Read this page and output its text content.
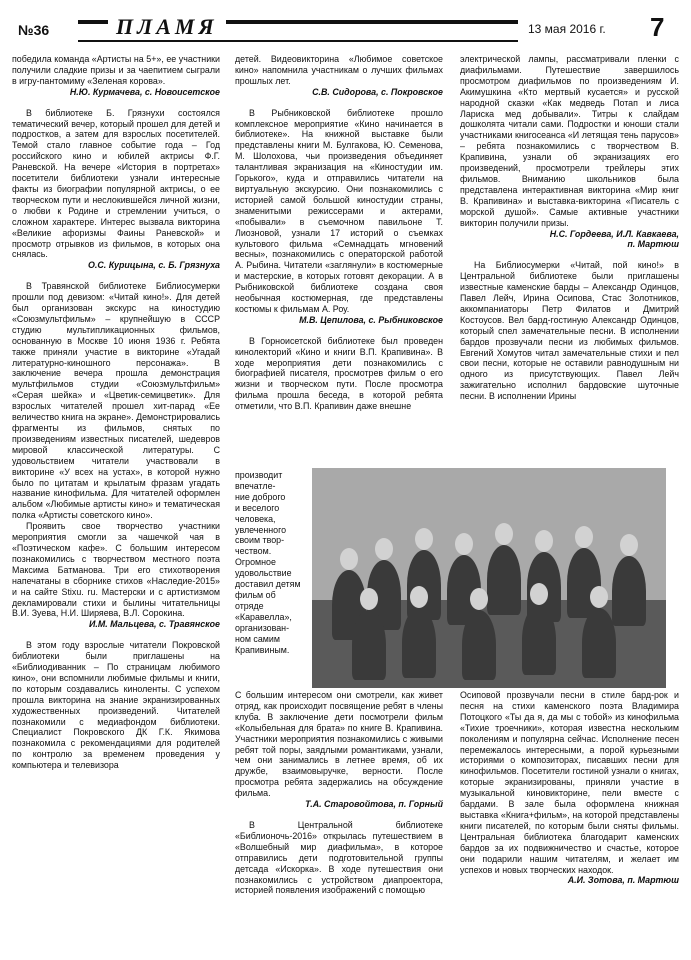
№36	ПЛАМЯ	13 мая 2016 г. 7

победила команда «Артисты на 5+», ее участники получили сладкие призы и за чаепитием сыграли в игру-пантомиму «Зеленая корова».

Н.Ю. Курмачева, с. Новоисетское

В библиотеке Б. Грязнухи состоялся тематический вечер, который прошел для детей и подростков, а затем для взрослых посетителей. Темой стало главное событие года – Год российского кино и юбилей актрисы Ф.Г. Раневской. На вечере «История в портретах» посетители библиотеки узнали интересные факты из биографии популярной актрисы, о ее творческом пути и неслокившейся личной жизни, о любви к Родине и стремлении учиться, о сложном характере. Интерес вызвала викторина «Великие афоризмы Фаины Раневской» и просмотр отрывков из фильмов, в которых она снялась.

О.С. Курицына, с. Б. Грязнуха

В Травянской библиотеке Библиосумерки прошли под девизом: «Читай кино!». Для детей был организован экскурс на киностудию «Союзмультфильм» – крупнейшую в СССР студию мультипликационных фильмов, основанную в Москве 10 июня 1936 г. Ребята также приняли участие в викторине «Угадай литературно-киношного персонажа». В заключение вечера прошла демонстрация мультфильмов студии «Союзмультфильм» «Серая шейка» и «Цветик-семицветик». Для взрослых читателей прошел хит-парад «Ее величество книга на экране». Демонстрировались фрагменты из фильмов, снятых по произведениям известных писателей, шедевров мировой классической литературы. С удовольствием читатели участвовали в викторине «У всех на устах», в которой нужно было по цитатам и крылатым фразам угадать название кинофильма. Для читателей оформлен альбом «Любимые артисты кино» и тематическая полка «Артисты советского кино».

Проявить свое творчество участники мероприятия смогли за чашечкой чая в «Поэтическом кафе». С большим интересом познакомились с творчеством местного поэта Максима Батманова. Три его стихотворения напечатаны в сборнике стихов «Наследие-2015» и на сайте Stixu. ru. Мастерски и с артистизмом декламировали стихи и былины читательницы В.И. Зуева, Н.И. Ширяева, В.Л. Сорокина.

И.М. Мальцева, с. Травянское

В этом году взрослые читатели Покровской библиотеки были приглашены на «Библиодиванник – По страницам любимого кино», они вспомнили любимые фильмы и книги, по которым создавались киноленты. С успехом прошла викторина на знание экранизированных художественных произведений. Читателей познакомили с медиафондом библиотеки. Специалист Покровского ДК Г.К. Якимова познакомила с рекомендациями для родителей по контролю за временем проведения у компьютера и телевизора

детей. Видеовикторина «Любимое советское кино» напомнила участникам о лучших фильмах прошлых лет.

С.В. Сидорова, с. Покровское

В Рыбниковской библиотеке прошло комплексное мероприятие «Кино начинается в библиотеке». На книжной выставке были представлены книги М. Булгакова, Ю. Семенова, М. Шолохова, чьи произведения объединяет талантливая экранизация на «Киностудии им. Горького», куда и отправились читатели на виртуальную экскурсию. Они познакомились с историей самой большой киностудии страны, знаменитыми режиссерами и актерами, «побывали» в съемочном павильоне Т. Лиозновой, узнали 17 историй о съемках культового фильма «Семнадцать мгновений весны», познакомились с операторской работой А. Рыбина. Читатели «заглянули» в костюмерные и мастерские, в которых готовят декорации. А в Рыбниковской библиотеке создана своя необычная костюмерная, где представлены костюмы к фильмам А. Роу.

М.В. Цепилова, с. Рыбниковское

В Горноисетской библиотеке был проведен кинолекторий «Кино и книги В.П. Крапивина». В ходе мероприятия дети познакомились с биографией писателя, просмотрев фильм о его жизни и творческом пути. После просмотра фильма прошла беседа, в которой ребята отметили, что В.П. Крапивин даже внешне

электрической лампы, рассматривали пленки с диафильмами. Путешествие завершилось просмотром диафильмов по произведениям И. Акимушкина «Кто мертвый кусается» и русской народной сказки «Как медведь Потап и лиса Лариска мед добывали». Титры к слайдам дошколята читали сами. Подростки и юноши стали участниками книгосеанса «И летящая тень парусов» – ребята познакомились с творчеством В. Крапивина, узнали об экранизациях его произведений, просмотрели трейлеры этих фильмов. Вниманию школьников была представлена интерактивная викторина «Мир книг В. Крапивина» и выставка-викторина «Писатель с морской душой». Самые активные участники викторин получили призы.

Н.С. Гордеева, И.Л. Кавкаева,

п. Мартюш

На Библиосумерки «Читай, пой кино!» в Центральной библиотеке были приглашены известные каменские барды – Александр Одинцов, Павел Лейч, Ирина Осипова, Стас Золотников, аккомпаниаторы Петр Филатов и Дмитрий Костоусов. Вел бард-гостиную Александр Одинцов, который спел замечательные песни. В исполнении бардов прозвучали песни из любимых фильмов. Евгений Хомутов читал замечательные стихи и пел свои песни, которые не оставили равнодушным ни одного из присутствующих. Павел Лейч зажигательно исполнил бардовские шуточные песни. В исполнении Ирины

производит
впечатле-
ние доброго
и веселого
человека,
увлеченного
своим твор-
чеством.
Огромное
удовольствие
доставил детям
фильм об
отряде
«Каравелла»,
организован-
ном самим
Крапивиным.

С большим интересом они смотрели, как живет отряд, как происходит посвящение ребят в члены клуба. В заключение дети посмотрели фильм «Колыбельная для брата» по книге В. Крапивина. Участники мероприятия познакомились с живыми ребят той поры, заядлыми романтиками, узнали, чем они занимались в летнее время, об их дружбе, взаимовыручке, верности. После просмотра ребята задержались на обсуждение фильма.

Т.А. Старовойтова, п. Горный

В Центральной библиотеке «Библионочь-2016» открылась путешествием в «Волшебный мир диафильма», в которое отправились дети подготовительной группы детсада «Искорка». В ходе путешествия они познакомились с устройством диапроектора, историей появления изображений с помощью

Осиповой прозвучали песни в стиле бард-рок и песня на стихи каменского поэта Владимира Потоцкого «Ты да я, да мы с тобой» из кинофильма «Тихие троечники», которая известна нескольким поколениям и популярна сейчас. Исполнение песен перемежалось интересными, а порой курьезными историями о композиторах, писавших песни для кинофильмов. Посетители гостиной узнали о книгах, которые экранизированы, приняли участие в музыкальной киновикторине, пели вместе с бардами. В зале была оформлена книжная выставка «Книга+фильм», на которой представлены книги писателей, по которым были сняты фильмы. Центральная библиотека благодарит каменских бардов за их подвижничество и счастье, которое они подарили нашим читателям, и желает им успехов и новых творческих находок.

А.И. Зотова, п. Мартюш
